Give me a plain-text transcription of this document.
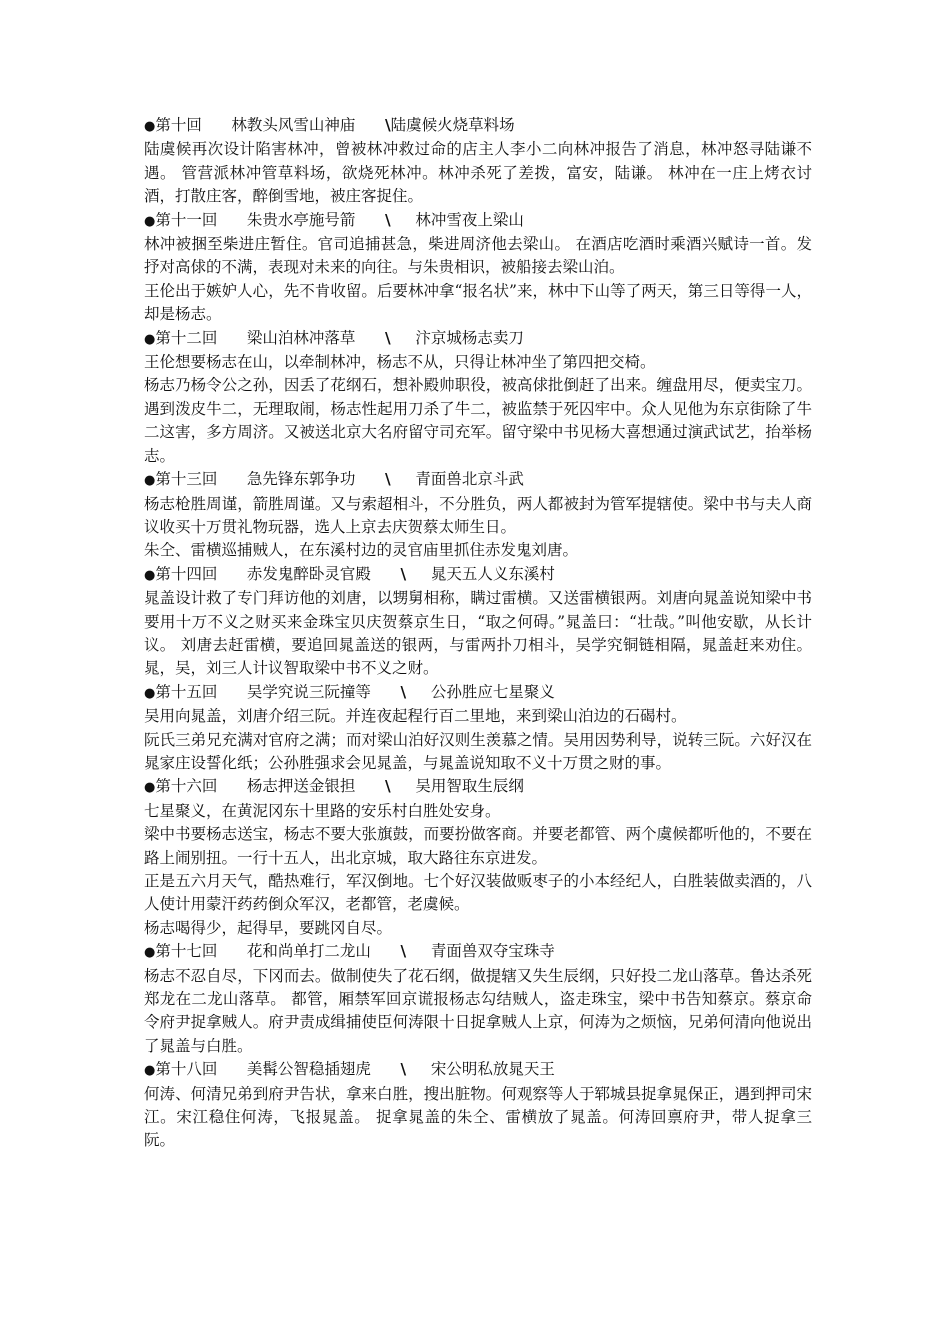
●第十回 林教头风雪山神庙 \陆虞候火烧草料场

陆虞候再次设计陷害林冲，曾被林冲救过命的店主人李小二向林冲报告了消息，林冲怒寻陆谦不遇。 管营派林冲管草料场，欲烧死林冲。林冲杀死了差拨，富安，陆谦。 林冲在一庄上烤衣讨酒，打散庄客，醉倒雪地，被庄客捉住。

●第十一回 朱贵水亭施号箭 \ 林冲雪夜上梁山

林冲被捆至柴进庄暂住。官司追捕甚急，柴进周济他去梁山。 在酒店吃酒时乘酒兴赋诗一首。发抒对高俅的不满，表现对未来的向往。与朱贵相识，被船接去梁山泊。

王伦出于嫉妒人心，先不肯收留。后要林冲拿“报名状”来，林中下山等了两天，第三日等得一人，却是杨志。

●第十二回 梁山泊林冲落草 \ 汴京城杨志卖刀

王伦想要杨志在山，以牵制林冲，杨志不从，只得让林冲坐了第四把交椅。

杨志乃杨令公之孙，因丢了花纲石，想补殿帅职役，被高俅批倒赶了出来。缠盘用尽，便卖宝刀。遇到泼皮牛二，无理取闹，杨志性起用刀杀了牛二，被监禁于死囚牢中。众人见他为东京街除了牛二这害，多方周济。又被送北京大名府留守司充军。留守梁中书见杨大喜想通过演武试艺，抬举杨志。

●第十三回 急先锋东郭争功 \ 青面兽北京斗武

杨志枪胜周谨，箭胜周谨。又与索超相斗，不分胜负，两人都被封为管军提辖使。梁中书与夫人商议收买十万贯礼物玩器，选人上京去庆贺蔡太师生日。

朱仝、雷横巡捕贼人，在东溪村边的灵官庙里抓住赤发鬼刘唐。

●第十四回 赤发鬼醉卧灵官殿 \ 晁天五人义东溪村

晁盖设计救了专门拜访他的刘唐，以甥舅相称，瞒过雷横。又送雷横银两。刘唐向晁盖说知梁中书要用十万不义之财买来金珠宝贝庆贺蔡京生日，“取之何碍。”晁盖曰：“壮哉。”叫他安歇，从长计议。 刘唐去赶雷横，要追回晁盖送的银两，与雷两扑刀相斗，吴学究铜链相隔，晁盖赶来劝住。晁，吴，刘三人计议智取梁中书不义之财。

●第十五回 吴学究说三阮撞等 \ 公孙胜应七星聚义

吴用向晁盖，刘唐介绍三阮。并连夜起程行百二里地，来到梁山泊边的石碣村。

阮氏三弟兄充满对官府之满；而对梁山泊好汉则生羡慕之情。吴用因势利导，说转三阮。六好汉在晁家庄设誓化纸；公孙胜强求会见晁盖，与晁盖说知取不义十万贯之财的事。

●第十六回 杨志押送金银担 \ 吴用智取生辰纲

七星聚义，在黄泥冈东十里路的安乐村白胜处安身。

梁中书要杨志送宝，杨志不要大张旗鼓，而要扮做客商。并要老都管、两个虞候都听他的，不要在路上闹别扭。一行十五人，出北京城，取大路往东京进发。

正是五六月天气，酷热难行，军汉倒地。七个好汉装做贩枣子的小本经纪人，白胜装做卖酒的，八人使计用蒙汗药药倒众军汉，老都管，老虞候。

杨志喝得少，起得早，要跳冈自尽。

●第十七回 花和尚单打二龙山 \ 青面兽双夺宝珠寺

杨志不忍自尽，下冈而去。做制使失了花石纲，做提辖又失生辰纲，只好投二龙山落草。鲁达杀死郑龙在二龙山落草。 都管，厢禁军回京谎报杨志勾结贼人，盗走珠宝，梁中书告知蔡京。蔡京命令府尹捉拿贼人。府尹责成缉捕使臣何涛限十日捉拿贼人上京，何涛为之烦恼，兄弟何清向他说出了晁盖与白胜。

●第十八回 美髯公智稳插翅虎 \ 宋公明私放晁天王

何涛、何清兄弟到府尹告状，拿来白胜，搜出脏物。何观察等人于郓城县捉拿晁保正，遇到押司宋江。宋江稳住何涛，飞报晁盖。 捉拿晁盖的朱仝、雷横放了晁盖。何涛回禀府尹，带人捉拿三阮。
